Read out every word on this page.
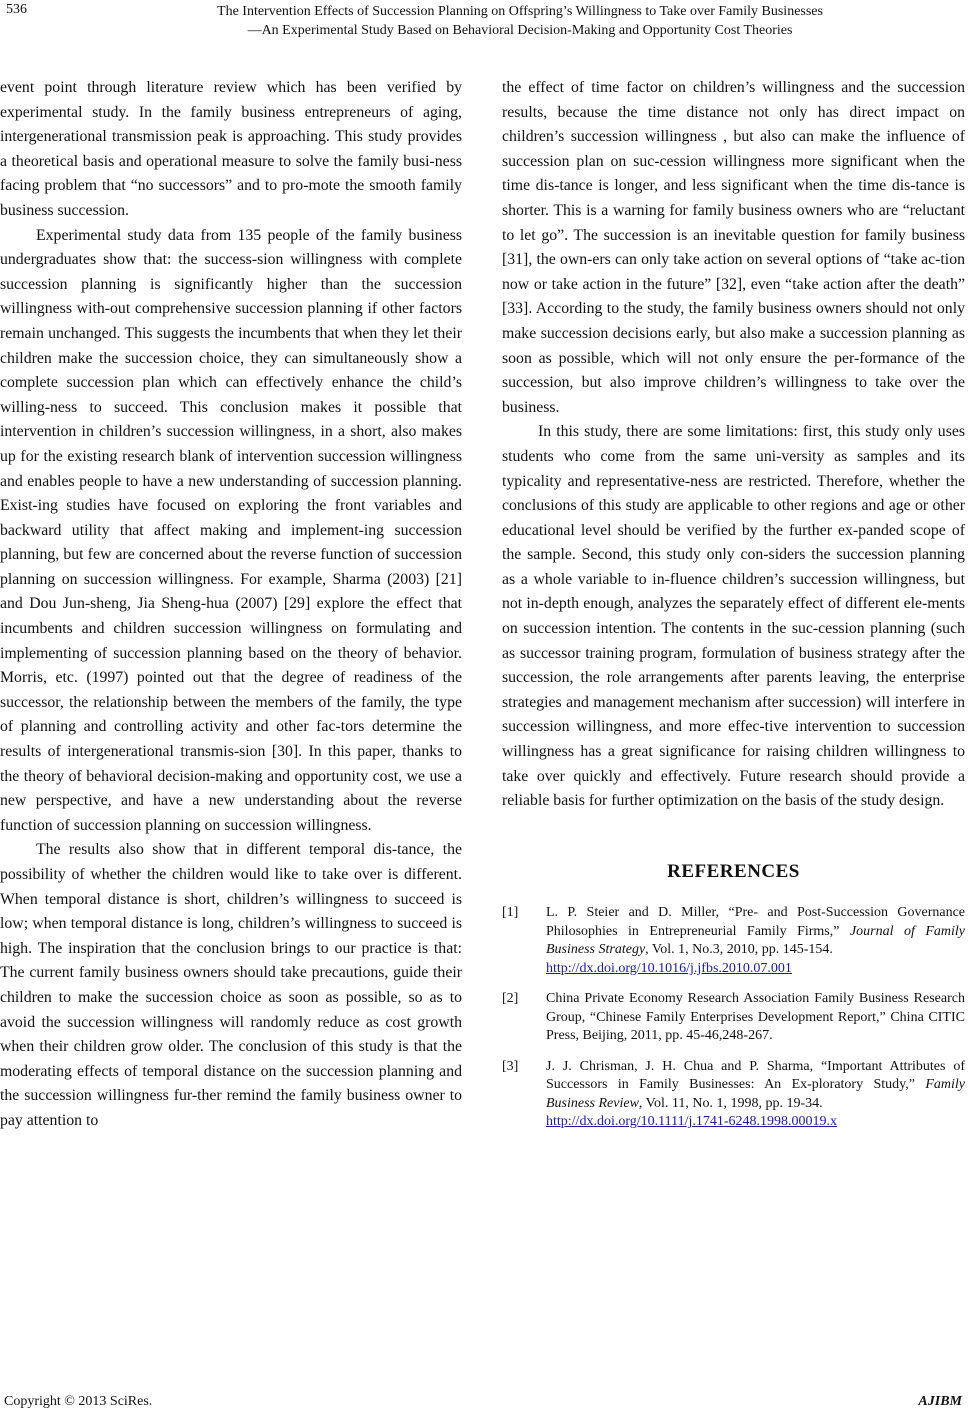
536	The Intervention Effects of Succession Planning on Offspring’s Willingness to Take over Family Businesses
—An Experimental Study Based on Behavioral Decision-Making and Opportunity Cost Theories

event point through literature review which has been verified by experimental study. In the family business entrepreneurs of aging, intergenerational transmission peak is approaching. This study provides a theoretical basis and operational measure to solve the family busi-ness facing problem that “no successors” and to pro-mote the smooth family business succession.

Experimental study data from 135 people of the family business undergraduates show that: the success-sion willingness with complete succession planning is significantly higher than the succession willingness with-out comprehensive succession planning if other factors remain unchanged. This suggests the incumbents that when they let their children make the succession choice, they can simultaneously show a complete succession plan which can effectively enhance the child’s willing-ness to succeed. This conclusion makes it possible that intervention in children’s succession willingness, in a short, also makes up for the existing research blank of intervention succession willingness and enables people to have a new understanding of succession planning. Exist-ing studies have focused on exploring the front variables and backward utility that affect making and implement-ing succession planning, but few are concerned about the reverse function of succession planning on succession willingness. For example, Sharma (2003) [21] and Dou Jun-sheng, Jia Sheng-hua (2007) [29] explore the effect that incumbents and children succession willingness on formulating and implementing of succession planning based on the theory of behavior. Morris, etc. (1997) pointed out that the degree of readiness of the successor, the relationship between the members of the family, the type of planning and controlling activity and other fac-tors determine the results of intergenerational transmis-sion [30]. In this paper, thanks to the theory of behavioral decision-making and opportunity cost, we use a new perspective, and have a new understanding about the reverse function of succession planning on succession willingness.

The results also show that in different temporal dis-tance, the possibility of whether the children would like to take over is different. When temporal distance is short, children’s willingness to succeed is low; when temporal distance is long, children’s willingness to succeed is high. The inspiration that the conclusion brings to our practice is that: The current family business owners should take precautions, guide their children to make the succession choice as soon as possible, so as to avoid the succession willingness will randomly reduce as cost growth when their children grow older. The conclusion of this study is that the moderating effects of temporal distance on the succession planning and the succession willingness fur-ther remind the family business owner to pay attention to

the effect of time factor on children’s willingness and the succession results, because the time distance not only has direct impact on children’s succession willingness , but also can make the influence of succession plan on suc-cession willingness more significant when the time dis-tance is longer, and less significant when the time dis-tance is shorter. This is a warning for family business owners who are “reluctant to let go”. The succession is an inevitable question for family business [31], the own-ers can only take action on several options of “take ac-tion now or take action in the future” [32], even “take action after the death” [33]. According to the study, the family business owners should not only make succession decisions early, but also make a succession planning as soon as possible, which will not only ensure the per-formance of the succession, but also improve children’s willingness to take over the business.

In this study, there are some limitations: first, this study only uses students who come from the same uni-versity as samples and its typicality and representative-ness are restricted. Therefore, whether the conclusions of this study are applicable to other regions and age or other educational level should be verified by the further ex-panded scope of the sample. Second, this study only con-siders the succession planning as a whole variable to in-fluence children’s succession willingness, but not in-depth enough, analyzes the separately effect of different ele-ments on succession intention. The contents in the suc-cession planning (such as successor training program, formulation of business strategy after the succession, the role arrangements after parents leaving, the enterprise strategies and management mechanism after succession) will interfere in succession willingness, and more effec-tive intervention to succession willingness has a great significance for raising children willingness to take over quickly and effectively. Future research should provide a reliable basis for further optimization on the basis of the study design.

REFERENCES
[1]	L. P. Steier and D. Miller, “Pre- and Post-Succession Governance Philosophies in Entrepreneurial Family Firms,” Journal of Family Business Strategy, Vol. 1, No.3, 2010, pp. 145-154.
http://dx.doi.org/10.1016/j.jfbs.2010.07.001
[2]	China Private Economy Research Association Family Business Research Group, “Chinese Family Enterprises Development Report,” China CITIC Press, Beijing, 2011, pp. 45-46,248-267.
[3]	J. J. Chrisman, J. H. Chua and P. Sharma, “Important Attributes of Successors in Family Businesses: An Ex-ploratory Study,” Family Business Review, Vol. 11, No. 1, 1998, pp. 19-34.
http://dx.doi.org/10.1111/j.1741-6248.1998.00019.x
Copyright © 2013 SciRes.	AJIBM
